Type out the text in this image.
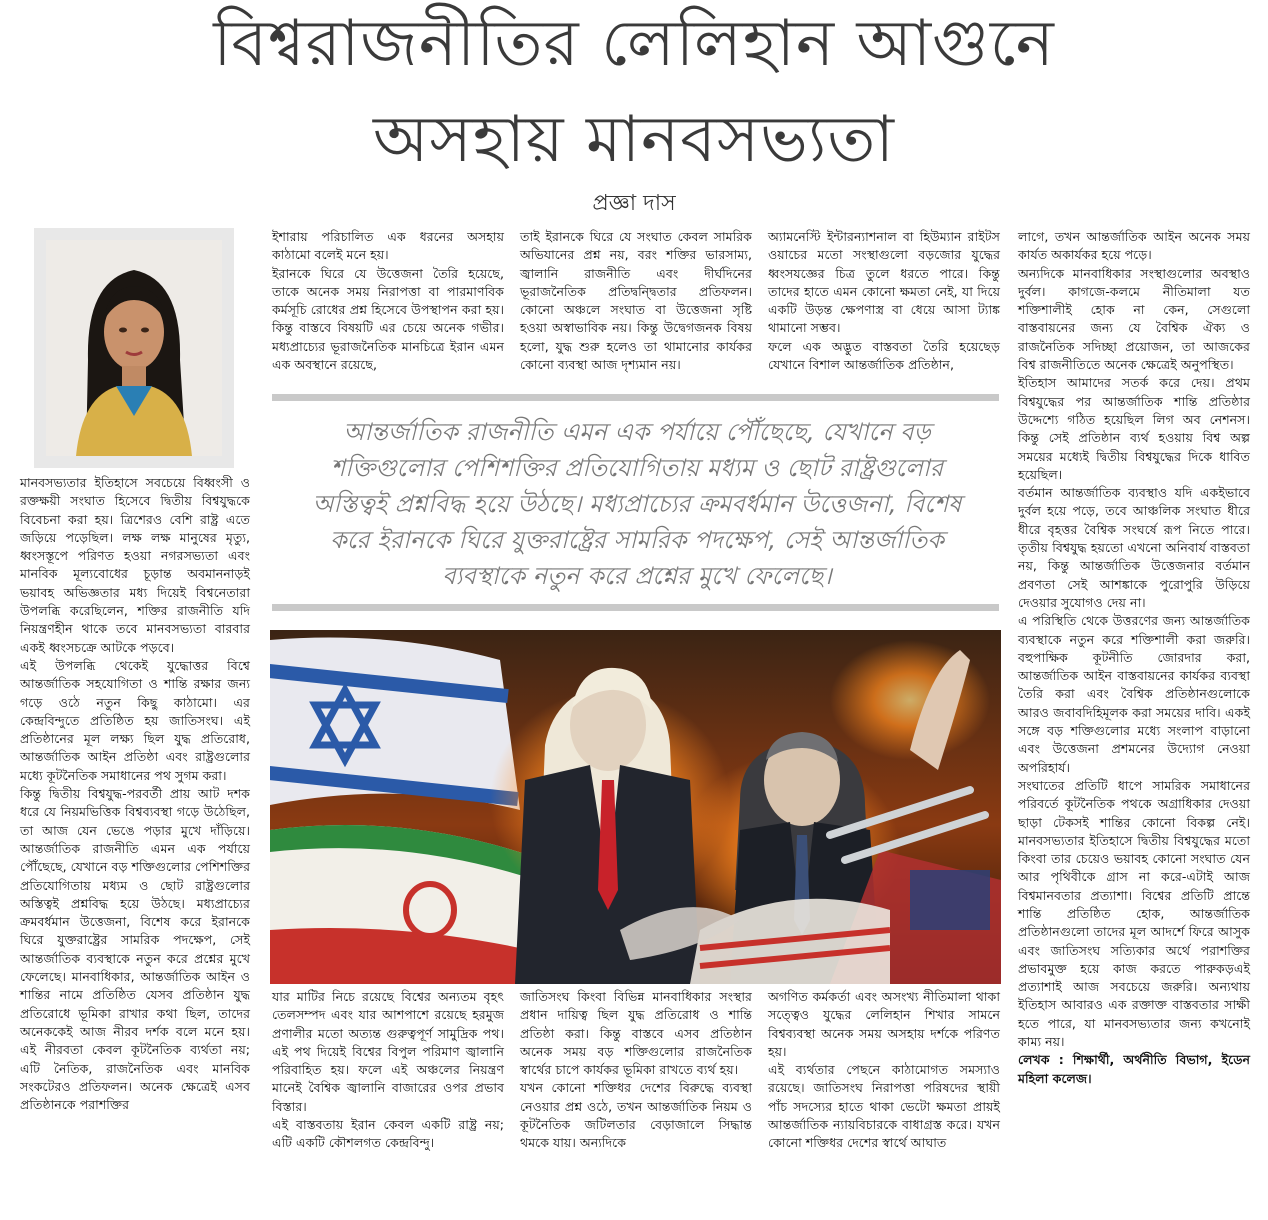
বিশ্বরাজনীতির লেলিহান আগুনে
অসহায় মানবসভ্যতা
প্রজ্ঞা দাস

মানবসভ্যতার ইতিহাসে সবচেয়ে বিধ্বংসী ও রক্তক্ষয়ী সংঘাত হিসেবে দ্বিতীয় বিশ্বযুদ্ধকে বিবেচনা করা হয়। ত্রিশেরও বেশি রাষ্ট্র এতে জড়িয়ে পড়েছিল। লক্ষ লক্ষ মানুষের মৃত্যু, ধ্বংসস্তূপে পরিণত হওয়া নগরসভ্যতা এবং মানবিক মূল্যবোধের চূড়ান্ত অবমাননাড়ই ভয়াবহ অভিজ্ঞতার মধ্য দিয়েই বিশ্বনেতারা উপলব্ধি করেছিলেন, শক্তির রাজনীতি যদি নিয়ন্ত্রণহীন থাকে তবে মানবসভ্যতা বারবার একই ধ্বংসচক্রে আটকে পড়বে।

এই উপলব্ধি থেকেই যুদ্ধোত্তর বিশ্বে আন্তর্জাতিক সহযোগিতা ও শান্তি রক্ষার জন্য গড়ে ওঠে নতুন কিছু কাঠামো। এর কেন্দ্রবিন্দুতে প্রতিষ্ঠিত হয় জাতিসংঘ। এই প্রতিষ্ঠানের মূল লক্ষ্য ছিল যুদ্ধ প্রতিরোধ, আন্তর্জাতিক আইন প্রতিষ্ঠা এবং রাষ্ট্রগুলোর মধ্যে কূটনৈতিক সমাধানের পথ সুগম করা।

কিন্তু দ্বিতীয় বিশ্বযুদ্ধ-পরবর্তী প্রায় আট দশক ধরে যে নিয়মভিত্তিক বিশ্বব্যবস্থা গড়ে উঠেছিল, তা আজ যেন ভেঙে পড়ার মুখে দাঁড়িয়ে। আন্তর্জাতিক রাজনীতি এমন এক পর্যায়ে পৌঁছেছে, যেখানে বড় শক্তিগুলোর পেশিশক্তির প্রতিযোগিতায় মধ্যম ও ছোট রাষ্ট্রগুলোর অস্তিত্বই প্রশ্নবিদ্ধ হয়ে উঠছে। মধ্যপ্রাচ্যের ক্রমবর্ধমান উত্তেজনা, বিশেষ করে ইরানকে ঘিরে যুক্তরাষ্ট্রের সামরিক পদক্ষেপ, সেই আন্তর্জাতিক ব্যবস্থাকে নতুন করে প্রশ্নের মুখে ফেলেছে। মানবাধিকার, আন্তর্জাতিক আইন ও শান্তির নামে প্রতিষ্ঠিত যেসব প্রতিষ্ঠান যুদ্ধ প্রতিরোধে ভূমিকা রাখার কথা ছিল, তাদের অনেককেই আজ নীরব দর্শক বলে মনে হয়। এই নীরবতা কেবল কূটনৈতিক ব্যর্থতা নয়; এটি নৈতিক, রাজনৈতিক এবং মানবিক সংকটেরও প্রতিফলন। অনেক ক্ষেত্রেই এসব প্রতিষ্ঠানকে পরাশক্তির

ইশারায় পরিচালিত এক ধরনের অসহায় কাঠামো বলেই মনে হয়।

ইরানকে ঘিরে যে উত্তেজনা তৈরি হয়েছে, তাকে অনেক সময় নিরাপত্তা বা পারমাণবিক কর্মসূচি রোধের প্রশ্ন হিসেবে উপস্থাপন করা হয়। কিন্তু বাস্তবে বিষয়টি এর চেয়ে অনেক গভীর। মধ্যপ্রাচ্যের ভূরাজনৈতিক মানচিত্রে ইরান এমন এক অবস্থানে রয়েছে,

তাই ইরানকে ঘিরে যে সংঘাত কেবল সামরিক অভিযানের প্রশ্ন নয়, বরং শক্তির ভারসাম্য, জ্বালানি রাজনীতি এবং দীর্ঘদিনের ভূরাজনৈতিক প্রতিদ্বন্দ্বিতার প্রতিফলন। কোনো অঞ্চলে সংঘাত বা উত্তেজনা সৃষ্টি হওয়া অস্বাভাবিক নয়। কিন্তু উদ্বেগজনক বিষয় হলো, যুদ্ধ শুরু হলেও তা থামানোর কার্যকর কোনো ব্যবস্থা আজ দৃশ্যমান নয়।

অ্যামনেস্টি ইন্টারন্যাশনাল বা হিউম্যান রাইটস ওয়াচের মতো সংস্থাগুলো বড়জোর যুদ্ধের ধ্বংসযজ্ঞের চিত্র তুলে ধরতে পারে। কিন্তু তাদের হাতে এমন কোনো ক্ষমতা নেই, যা দিয়ে একটি উড়ন্ত ক্ষেপণাস্ত্র বা ধেয়ে আসা ট্যাঙ্ক থামানো সম্ভব।

ফলে এক অদ্ভুত বাস্তবতা তৈরি হয়েছেড় যেখানে বিশাল আন্তর্জাতিক প্রতিষ্ঠান,

আন্তর্জাতিক রাজনীতি এমন এক পর্যায়ে পৌঁছেছে, যেখানে বড় শক্তিগুলোর পেশিশক্তির প্রতিযোগিতায় মধ্যম ও ছোট রাষ্ট্রগুলোর অস্তিত্বই প্রশ্নবিদ্ধ হয়ে উঠছে। মধ্যপ্রাচ্যের ক্রমবর্ধমান উত্তেজনা, বিশেষ করে ইরানকে ঘিরে যুক্তরাষ্ট্রের সামরিক পদক্ষেপ, সেই আন্তর্জাতিক ব্যবস্থাকে নতুন করে প্রশ্নের মুখে ফেলেছে।

যার মাটির নিচে রয়েছে বিশ্বের অন্যতম বৃহৎ তেলসম্পদ এবং যার আশপাশে রয়েছে হরমুজ প্রণালীর মতো অত্যন্ত গুরুত্বপূর্ণ সামুদ্রিক পথ। এই পথ দিয়েই বিশ্বের বিপুল পরিমাণ জ্বালানি পরিবাহিত হয়। ফলে এই অঞ্চলের নিয়ন্ত্রণ মানেই বৈশ্বিক জ্বালানি বাজারের ওপর প্রভাব বিস্তার।

এই বাস্তবতায় ইরান কেবল একটি রাষ্ট্র নয়; এটি একটি কৌশলগত কেন্দ্রবিন্দু।

জাতিসংঘ কিংবা বিভিন্ন মানবাধিকার সংস্থার প্রধান দায়িত্ব ছিল যুদ্ধ প্রতিরোধ ও শান্তি প্রতিষ্ঠা করা। কিন্তু বাস্তবে এসব প্রতিষ্ঠান অনেক সময় বড় শক্তিগুলোর রাজনৈতিক স্বার্থের চাপে কার্যকর ভূমিকা রাখতে ব্যর্থ হয়।

যখন কোনো শক্তিধর দেশের বিরুদ্ধে ব্যবস্থা নেওয়ার প্রশ্ন ওঠে, তখন আন্তর্জাতিক নিয়ম ও কূটনৈতিক জটিলতার বেড়াজালে সিদ্ধান্ত থমকে যায়। অন্যদিকে

অগণিত কর্মকর্তা এবং অসংখ্য নীতিমালা থাকা সত্ত্বেও যুদ্ধের লেলিহান শিখার সামনে বিশ্বব্যবস্থা অনেক সময় অসহায় দর্শকে পরিণত হয়।

এই ব্যর্থতার পেছনে কাঠামোগত সমস্যাও রয়েছে। জাতিসংঘ নিরাপত্তা পরিষদের স্থায়ী পাঁচ সদস্যের হাতে থাকা ভেটো ক্ষমতা প্রায়ই আন্তর্জাতিক ন্যায়বিচারকে বাধাগ্রস্ত করে। যখন কোনো শক্তিধর দেশের স্বার্থে আঘাত

লাগে, তখন আন্তর্জাতিক আইন অনেক সময় কার্যত অকার্যকর হয়ে পড়ে।

অন্যদিকে মানবাধিকার সংস্থাগুলোর অবস্থাও দুর্বল। কাগজে-কলমে নীতিমালা যত শক্তিশালীই হোক না কেন, সেগুলো বাস্তবায়নের জন্য যে বৈশ্বিক ঐক্য ও রাজনৈতিক সদিচ্ছা প্রয়োজন, তা আজকের বিশ্ব রাজনীতিতে অনেক ক্ষেত্রেই অনুপস্থিত।

ইতিহাস আমাদের সতর্ক করে দেয়। প্রথম বিশ্বযুদ্ধের পর আন্তর্জাতিক শান্তি প্রতিষ্ঠার উদ্দেশ্যে গঠিত হয়েছিল লিগ অব নেশনস। কিন্তু সেই প্রতিষ্ঠান ব্যর্থ হওয়ায় বিশ্ব অল্প সময়ের মধ্যেই দ্বিতীয় বিশ্বযুদ্ধের দিকে ধাবিত হয়েছিল।

বর্তমান আন্তর্জাতিক ব্যবস্থাও যদি একইভাবে দুর্বল হয়ে পড়ে, তবে আঞ্চলিক সংঘাত ধীরে ধীরে বৃহত্তর বৈশ্বিক সংঘর্ষে রূপ নিতে পারে। তৃতীয় বিশ্বযুদ্ধ হয়তো এখনো অনিবার্য বাস্তবতা নয়, কিন্তু আন্তর্জাতিক উত্তেজনার বর্তমান প্রবণতা সেই আশঙ্কাকে পুরোপুরি উড়িয়ে দেওয়ার সুযোগও দেয় না।

এ পরিস্থিতি থেকে উত্তরণের জন্য আন্তর্জাতিক ব্যবস্থাকে নতুন করে শক্তিশালী করা জরুরি। বহুপাক্ষিক কূটনীতি জোরদার করা, আন্তর্জাতিক আইন বাস্তবায়নের কার্যকর ব্যবস্থা তৈরি করা এবং বৈশ্বিক প্রতিষ্ঠানগুলোকে আরও জবাবদিহিমূলক করা সময়ের দাবি। একই সঙ্গে বড় শক্তিগুলোর মধ্যে সংলাপ বাড়ানো এবং উত্তেজনা প্রশমনের উদ্যোগ নেওয়া অপরিহার্য।

সংঘাতের প্রতিটি ধাপে সামরিক সমাধানের পরিবর্তে কূটনৈতিক পথকে অগ্রাধিকার দেওয়া ছাড়া টেকসই শান্তির কোনো বিকল্প নেই। মানবসভ্যতার ইতিহাসে দ্বিতীয় বিশ্বযুদ্ধের মতো কিংবা তার চেয়েও ভয়াবহ কোনো সংঘাত যেন আর পৃথিবীকে গ্রাস না করে-এটাই আজ বিশ্বমানবতার প্রত্যাশা। বিশ্বের প্রতিটি প্রান্তে শান্তি প্রতিষ্ঠিত হোক, আন্তর্জাতিক প্রতিষ্ঠানগুলো তাদের মূল আদর্শে ফিরে আসুক এবং জাতিসংঘ সত্যিকার অর্থে পরাশক্তির প্রভাবমুক্ত হয়ে কাজ করতে পারুকড়এই প্রত্যাশাই আজ সবচেয়ে জরুরি। অন্যথায় ইতিহাস আবারও এক রক্তাক্ত বাস্তবতার সাক্ষী হতে পারে, যা মানবসভ্যতার জন্য কখনোই কাম্য নয়।

লেখক : শিক্ষার্থী, অর্থনীতি বিভাগ, ইডেন মহিলা কলেজ।
